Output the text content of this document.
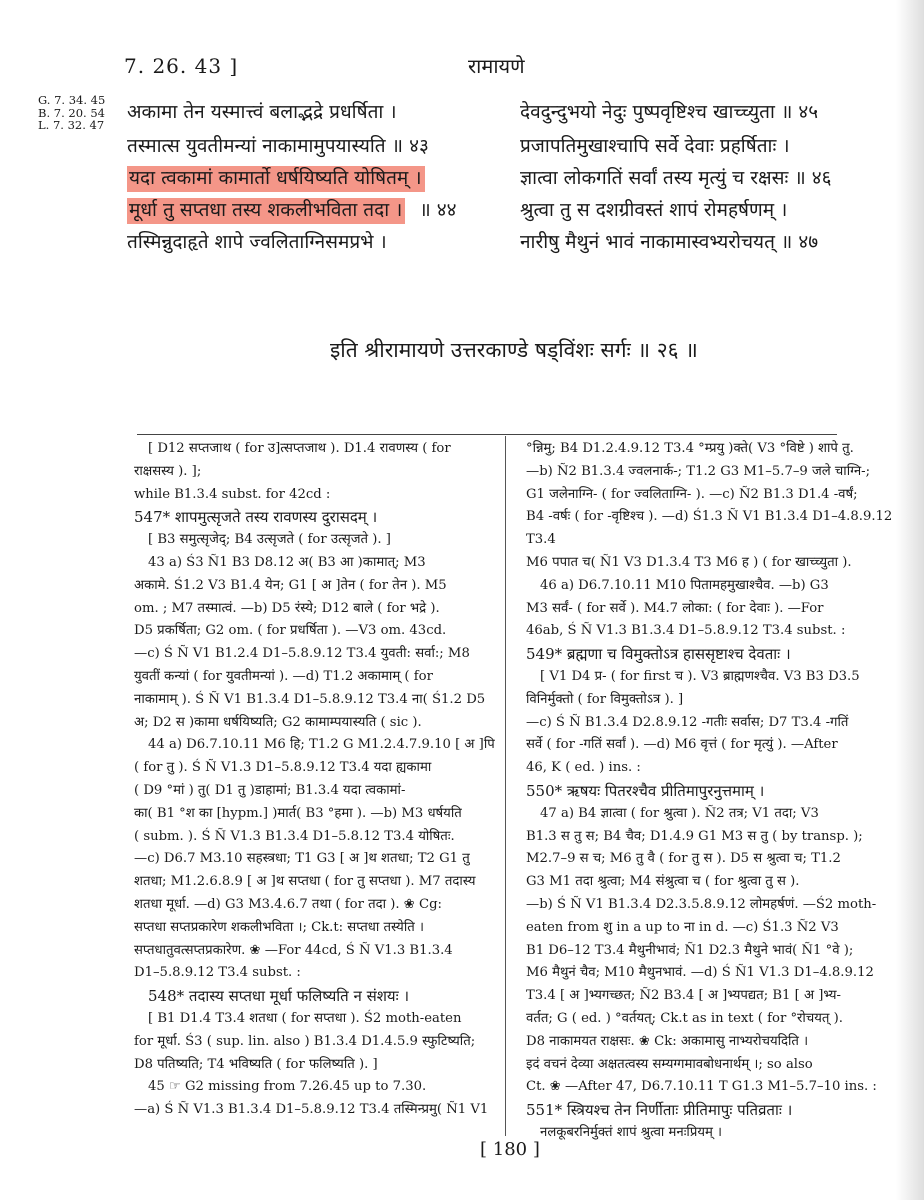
7. 26. 43 ]	रामायणे
G. 7. 34. 45
B. 7. 20. 54
L. 7. 32. 47
अकामा तेन यस्मात्त्वं बलाद्भद्रे प्रधर्षिता ।
तस्मात्स युवतीमन्यां नाकामामुपयास्यति ॥ ४३
यदा त्वकामां कामार्तो धर्षयिष्यति योषितम् ।
मूर्धा तु सप्तधा तस्य शकलीभविता तदा । ॥ ४४
तस्मिन्नुदाहृते शापे ज्वलिताग्निसमप्रभे ।
देवदुन्दुभयो नेदुः पुष्पवृष्टिश्च खाच्च्युता ॥ ४५
प्रजापतिमुखाश्चापि सर्वे देवाः प्रहर्षिताः ।
ज्ञात्वा लोकगतिं सर्वां तस्य मृत्युं च रक्षसः ॥ ४६
श्रुत्वा तु स दशग्रीवस्तं शापं रोमहर्षणम् ।
नारीषु मैथुनं भावं नाकामास्वभ्यरोचयत् ॥ ४७
इति श्रीरामायणे उत्तरकाण्डे षड्विंशः सर्गः ॥ २६ ॥

[ D12 सप्तजाथ ( for उ]त्सप्तजाथ ). D1.4 रावणस्य ( for

राक्षसस्य ). ];

while B1.3.4 subst. for 42cd :

547* शापमुत्सृजते तस्य रावणस्य दुरासदम् ।

[ B3 समुत्सृजेद्; B4 उत्सृजते ( for उत्सृजते ). ]

43 a) Ś3 Ñ1 B3 D8.12 अ( B3 आ )कामात्; M3

अकामे. Ś1.2 V3 B1.4 येन; G1 [ अ ]तेन ( for तेन ). M5

om. ; M7 तस्मात्वं. —b) D5 रंस्ये; D12 बाले ( for भद्रे ).

D5 प्रकर्षिता; G2 om. ( for प्रधर्षिता ). —V3 om. 43cd.

—c) Ś Ñ V1 B1.2.4 D1–5.8.9.12 T3.4 युवती: सर्वा:; M8

युवतीं कन्यां ( for युवतीमन्यां ). —d) T1.2 अकामाम् ( for

नाकामाम् ). Ś Ñ V1 B1.3.4 D1–5.8.9.12 T3.4 ना( Ś1.2 D5

अ; D2 स )कामा धर्षयिष्यति; G2 कामाम्पयास्यति ( sic ).

44 a) D6.7.10.11 M6 हि; T1.2 G M1.2.4.7.9.10 [ अ ]पि

( for तु ). Ś Ñ V1.3 D1–5.8.9.12 T3.4 यदा ह्यकामा

( D9 °मां ) तु( D1 तु )डाहामां; B1.3.4 यदा त्वकामां-

का( B1 °श का [hypm.] )मार्त( B3 °हमा ). —b) M3 धर्षयति

( subm. ). Ś Ñ V1.3 B1.3.4 D1–5.8.12 T3.4 योषितः.

—c) D6.7 M3.10 सहस्त्रधा; T1 G3 [ अ ]थ शतधा; T2 G1 तु

शतधा; M1.2.6.8.9 [ अ ]थ सप्तधा ( for तु सप्तधा ). M7 तदास्य

शतधा मूर्धा. —d) G3 M3.4.6.7 तथा ( for तदा ). ❀ Cg:

सप्तधा सप्तप्रकारेण शकलीभविता ।; Ck.t: सप्तधा तस्येति ।

सप्तधातुवत्सप्तप्रकारेण. ❀ —For 44cd, Ś Ñ V1.3 B1.3.4

D1–5.8.9.12 T3.4 subst. :

548* तदास्य सप्तधा मूर्धा फलिष्यति न संशयः ।

[ B1 D1.4 T3.4 शतधा ( for सप्तधा ). Ś2 moth-eaten

for मूर्धा. Ś3 ( sup. lin. also ) B1.3.4 D1.4.5.9 स्फुटिष्यति;

D8 पतिष्यति; T4 भविष्यति ( for फलिष्यति ). ]

45 ☞ G2 missing from 7.26.45 up to 7.30.

—a) Ś Ñ V1.3 B1.3.4 D1–5.8.9.12 T3.4 तस्मिन्प्रमु( Ñ1 V1

°न्निमु; B4 D1.2.4.9.12 T3.4 °म्प्रयु )क्ते( V3 °विष्टे ) शापे तु.

—b) Ñ2 B1.3.4 ज्वलनार्क-; T1.2 G3 M1–5.7–9 जले चाग्नि-;

G1 जलेनाग्नि- ( for ज्वलिताग्नि- ). —c) Ñ2 B1.3 D1.4 -वर्षं;

B4 -वर्षः ( for -वृष्टिश्च ). —d) Ś1.3 Ñ V1 B1.3.4 D1–4.8.9.12 T3.4

M6 पपात च( Ñ1 V3 D1.3.4 T3 M6 ह ) ( for खाच्च्युता ).

46 a) D6.7.10.11 M10 पितामहमुखाश्चैव. —b) G3

M3 सर्वं- ( for सर्वे ). M4.7 लोका: ( for देवाः ). —For

46ab, Ś Ñ V1.3 B1.3.4 D1–5.8.9.12 T3.4 subst. :

549* ब्रह्मणा च विमुक्तोऽत्र हाससृष्टाश्च देवताः ।

[ V1 D4 प्र- ( for first च ). V3 ब्राह्मणश्चैव. V3 B3 D3.5

विनिर्मुक्तो ( for विमुक्तोऽत्र ). ]

—c) Ś Ñ B1.3.4 D2.8.9.12 -गतीः सर्वास; D7 T3.4 -गतिं

सर्वे ( for -गतिं सर्वां ). —d) M6 वृत्तं ( for मृत्युं ). —After

46, K ( ed. ) ins. :

550* ऋषयः पितरश्चैव प्रीतिमापुरनुत्तमाम् ।

47 a) B4 ज्ञात्वा ( for श्रुत्वा ). Ñ2 तत्र; V1 तदा; V3

B1.3 स तु स; B4 चैव; D1.4.9 G1 M3 स तु ( by transp. );

M2.7–9 स च; M6 तु वै ( for तु स ). D5 स श्रुत्वा च; T1.2

G3 M1 तदा श्रुत्वा; M4 संश्रुत्वा च ( for श्रुत्वा तु स ).

—b) Ś Ñ V1 B1.3.4 D2.3.5.8.9.12 लोमहर्षणं. —Ś2 moth-

eaten from शु in a up to ना in d. —c) Ś1.3 Ñ2 V3

B1 D6–12 T3.4 मैथुनीभावं; Ñ1 D2.3 मैथुने भावं( Ñ1 °वे );

M6 मैथुनं चैव; M10 मैथुनभावं. —d) Ś Ñ1 V1.3 D1–4.8.9.12

T3.4 [ अ ]भ्यगच्छत; Ñ2 B3.4 [ अ ]भ्यपद्यत; B1 [ अ ]भ्य-

वर्तत; G ( ed. ) °वर्तयत्; Ck.t as in text ( for °रोचयत् ).

D8 नाकामयत राक्षसः. ❀ Ck: अकामासु नाभ्यरोचयदिति ।

इदं वचनं देव्या अक्षतत्वस्य सम्यग्गमावबोधनार्थम् ।; so also

Ct. ❀ —After 47, D6.7.10.11 T G1.3 M1–5.7–10 ins. :

551* स्त्रियश्च तेन निर्णीताः प्रीतिमापुः पतिव्रताः ।

नलकूबरनिर्मुक्तं शापं श्रुत्वा मनःप्रियम् ।

[ 180 ]
